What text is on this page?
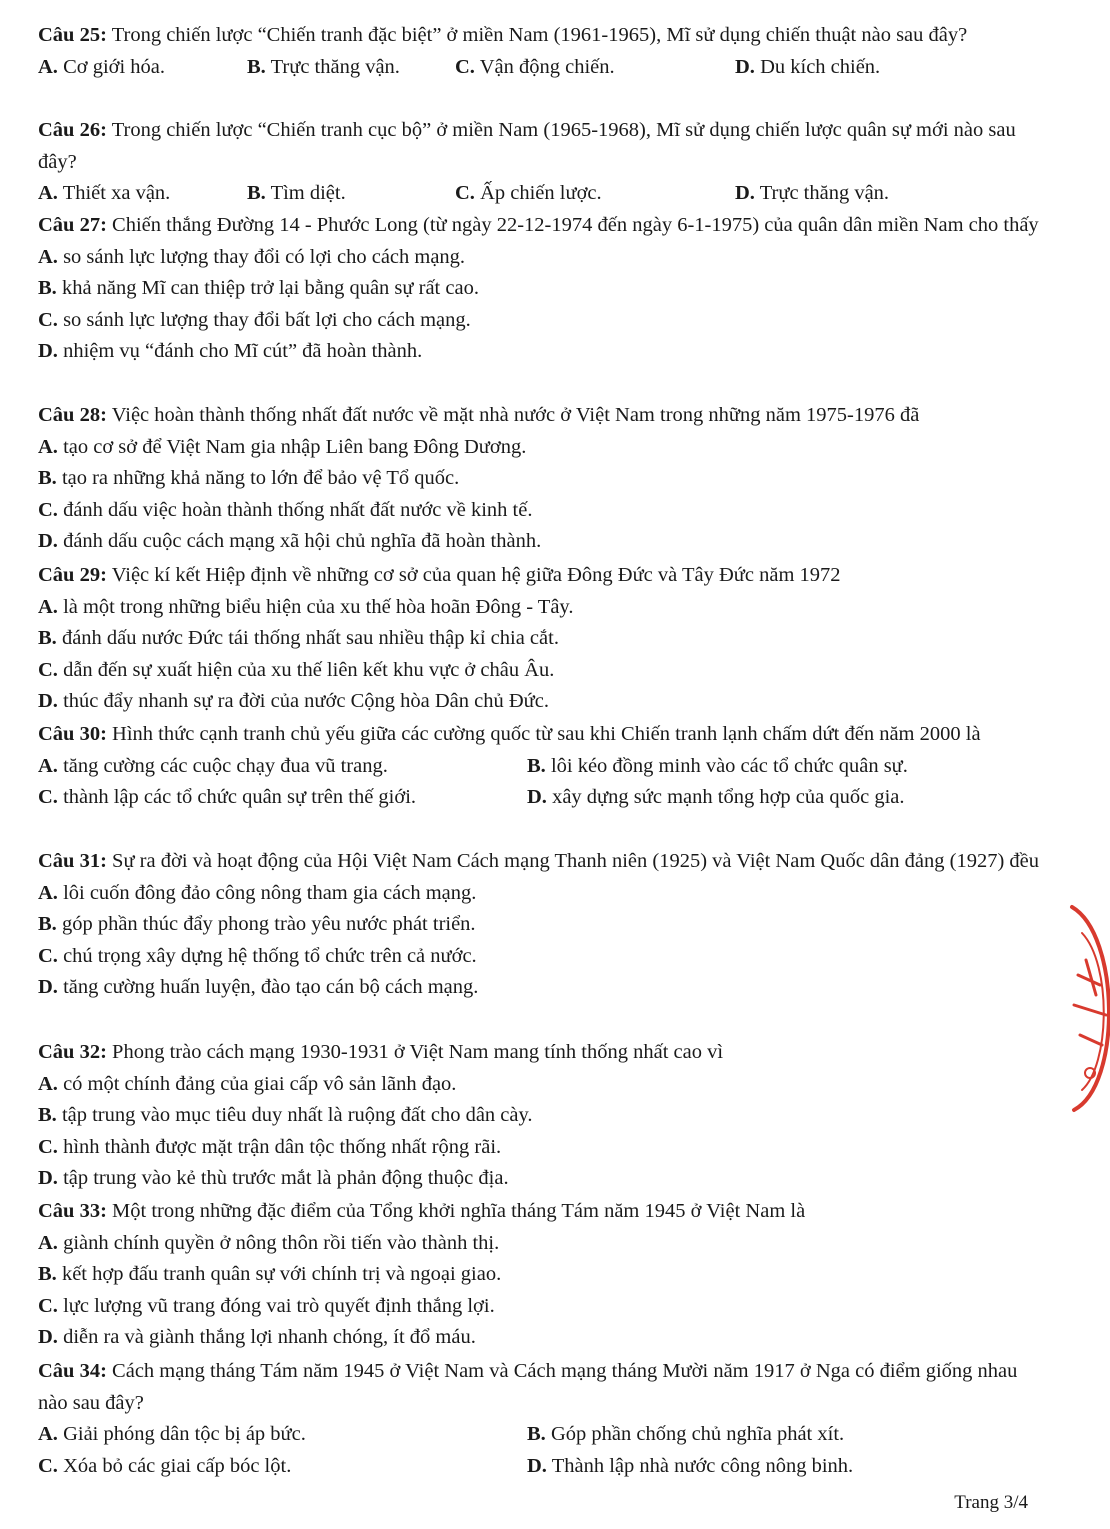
Câu 25: Trong chiến lược “Chiến tranh đặc biệt” ở miền Nam (1961-1965), Mĩ sử dụng chiến thuật nào sau đây?

A. Cơ giới hóa.	B. Trực thăng vận.	C. Vận động chiến.	D. Du kích chiến.

Câu 26: Trong chiến lược “Chiến tranh cục bộ” ở miền Nam (1965-1968), Mĩ sử dụng chiến lược quân sự mới nào sau đây?

A. Thiết xa vận.	B. Tìm diệt.	C. Ấp chiến lược.	D. Trực thăng vận.

Câu 27: Chiến thắng Đường 14 - Phước Long (từ ngày 22-12-1974 đến ngày 6-1-1975) của quân dân miền Nam cho thấy

A. so sánh lực lượng thay đổi có lợi cho cách mạng.
B. khả năng Mĩ can thiệp trở lại bằng quân sự rất cao.
C. so sánh lực lượng thay đổi bất lợi cho cách mạng.
D. nhiệm vụ “đánh cho Mĩ cút” đã hoàn thành.

Câu 28: Việc hoàn thành thống nhất đất nước về mặt nhà nước ở Việt Nam trong những năm 1975-1976 đã

A. tạo cơ sở để Việt Nam gia nhập Liên bang Đông Dương.
B. tạo ra những khả năng to lớn để bảo vệ Tổ quốc.
C. đánh dấu việc hoàn thành thống nhất đất nước về kinh tế.
D. đánh dấu cuộc cách mạng xã hội chủ nghĩa đã hoàn thành.

Câu 29: Việc kí kết Hiệp định về những cơ sở của quan hệ giữa Đông Đức và Tây Đức năm 1972

A. là một trong những biểu hiện của xu thế hòa hoãn Đông - Tây.
B. đánh dấu nước Đức tái thống nhất sau nhiều thập kỉ chia cắt.
C. dẫn đến sự xuất hiện của xu thế liên kết khu vực ở châu Âu.
D. thúc đẩy nhanh sự ra đời của nước Cộng hòa Dân chủ Đức.

Câu 30: Hình thức cạnh tranh chủ yếu giữa các cường quốc từ sau khi Chiến tranh lạnh chấm dứt đến năm 2000 là

A. tăng cường các cuộc chạy đua vũ trang.	B. lôi kéo đồng minh vào các tổ chức quân sự.
C. thành lập các tổ chức quân sự trên thế giới.	D. xây dựng sức mạnh tổng hợp của quốc gia.

Câu 31: Sự ra đời và hoạt động của Hội Việt Nam Cách mạng Thanh niên (1925) và Việt Nam Quốc dân đảng (1927) đều

A. lôi cuốn đông đảo công nông tham gia cách mạng.
B. góp phần thúc đẩy phong trào yêu nước phát triển.
C. chú trọng xây dựng hệ thống tổ chức trên cả nước.
D. tăng cường huấn luyện, đào tạo cán bộ cách mạng.

Câu 32: Phong trào cách mạng 1930-1931 ở Việt Nam mang tính thống nhất cao vì

A. có một chính đảng của giai cấp vô sản lãnh đạo.
B. tập trung vào mục tiêu duy nhất là ruộng đất cho dân cày.
C. hình thành được mặt trận dân tộc thống nhất rộng rãi.
D. tập trung vào kẻ thù trước mắt là phản động thuộc địa.

Câu 33: Một trong những đặc điểm của Tổng khởi nghĩa tháng Tám năm 1945 ở Việt Nam là

A. giành chính quyền ở nông thôn rồi tiến vào thành thị.
B. kết hợp đấu tranh quân sự với chính trị và ngoại giao.
C. lực lượng vũ trang đóng vai trò quyết định thắng lợi.
D. diễn ra và giành thắng lợi nhanh chóng, ít đổ máu.

Câu 34: Cách mạng tháng Tám năm 1945 ở Việt Nam và Cách mạng tháng Mười năm 1917 ở Nga có điểm giống nhau nào sau đây?

A. Giải phóng dân tộc bị áp bức.	B. Góp phần chống chủ nghĩa phát xít.
C. Xóa bỏ các giai cấp bóc lột.	D. Thành lập nhà nước công nông binh.
Trang 3/4
